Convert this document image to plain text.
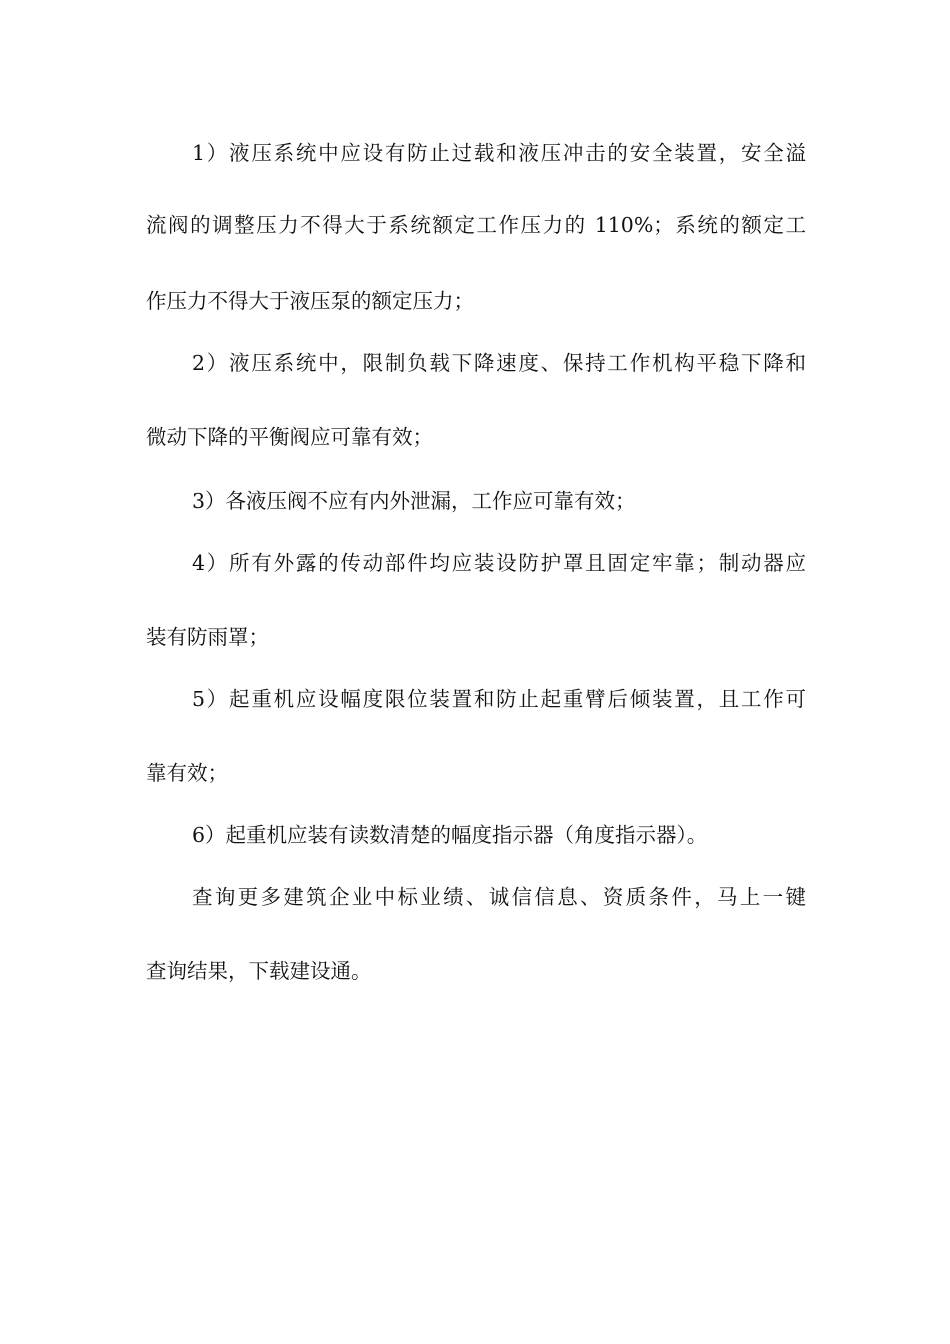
1）液压系统中应设有防止过载和液压冲击的安全装置，安全溢
流阀的调整压力不得大于系统额定工作压力的 110%；系统的额定工
作压力不得大于液压泵的额定压力；
2）液压系统中，限制负载下降速度、保持工作机构平稳下降和
微动下降的平衡阀应可靠有效；
3）各液压阀不应有内外泄漏，工作应可靠有效；
4）所有外露的传动部件均应装设防护罩且固定牢靠；制动器应
装有防雨罩；
5）起重机应设幅度限位装置和防止起重臂后倾装置，且工作可
靠有效；
6）起重机应装有读数清楚的幅度指示器（角度指示器）。
查询更多建筑企业中标业绩、诚信信息、资质条件，马上一键
查询结果，下载建设通。
